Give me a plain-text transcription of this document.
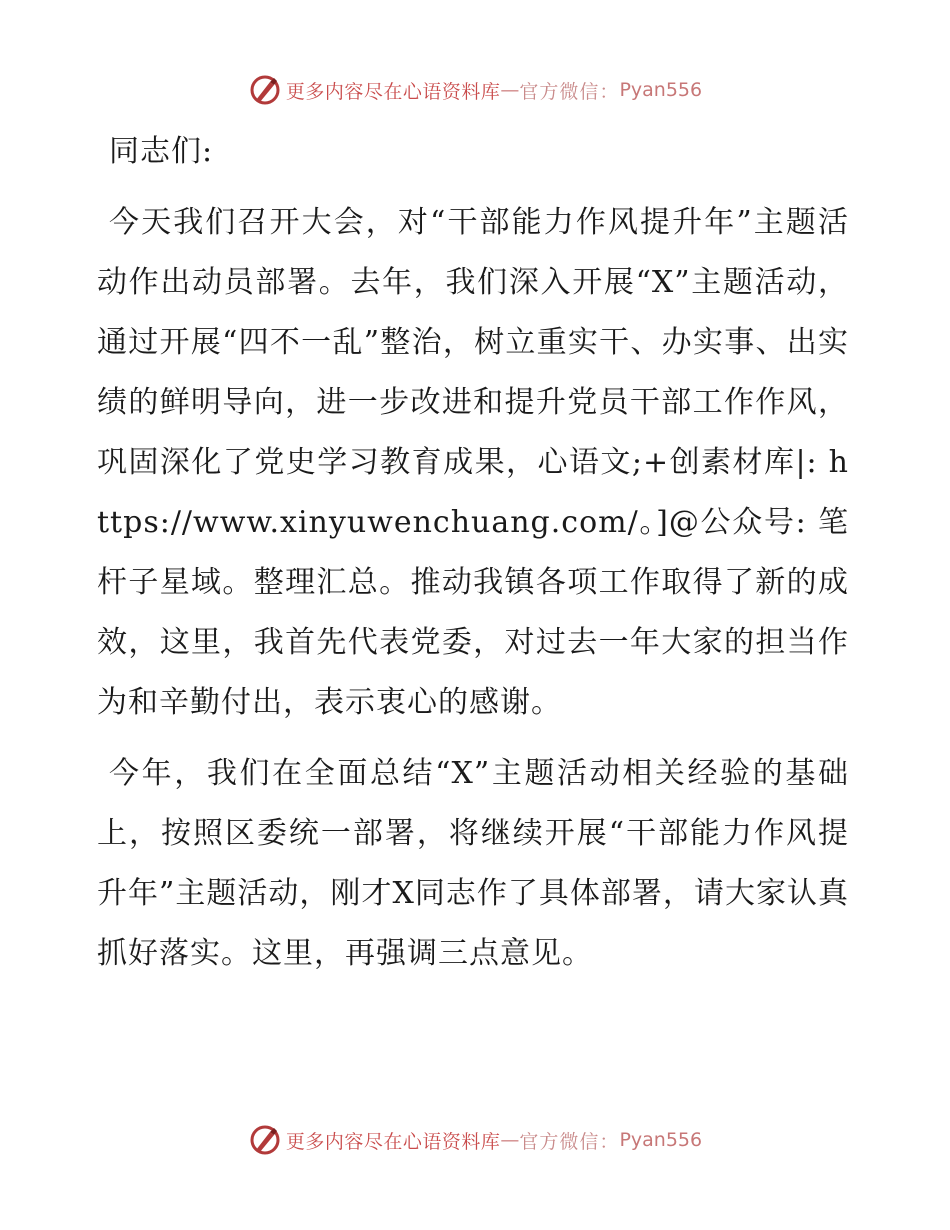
更多内容尽在心语资料库 — 官方微信： Pyan556

同志们:

今天我们召开大会，对“干部能力作风提升年”主题活动作出动员部署。去年，我们深入开展“X”主题活动，通过开展“四不一乱”整治，树立重实干、办实事、出实绩的鲜明导向，进一步改进和提升党员干部工作作风，巩固深化了党史学习教育成果，心语文;+创素材库|: https://www.xinyuwenchuang.com/。]@公众号: 笔杆子星域。整理汇总。推动我镇各项工作取得了新的成效，这里，我首先代表党委，对过去一年大家的担当作为和辛勤付出，表示衷心的感谢。

今年，我们在全面总结“X”主题活动相关经验的基础上，按照区委统一部署，将继续开展“干部能力作风提升年”主题活动，刚才X同志作了具体部署，请大家认真抓好落实。这里，再强调三点意见。

更多内容尽在心语资料库 — 官方微信： Pyan556
